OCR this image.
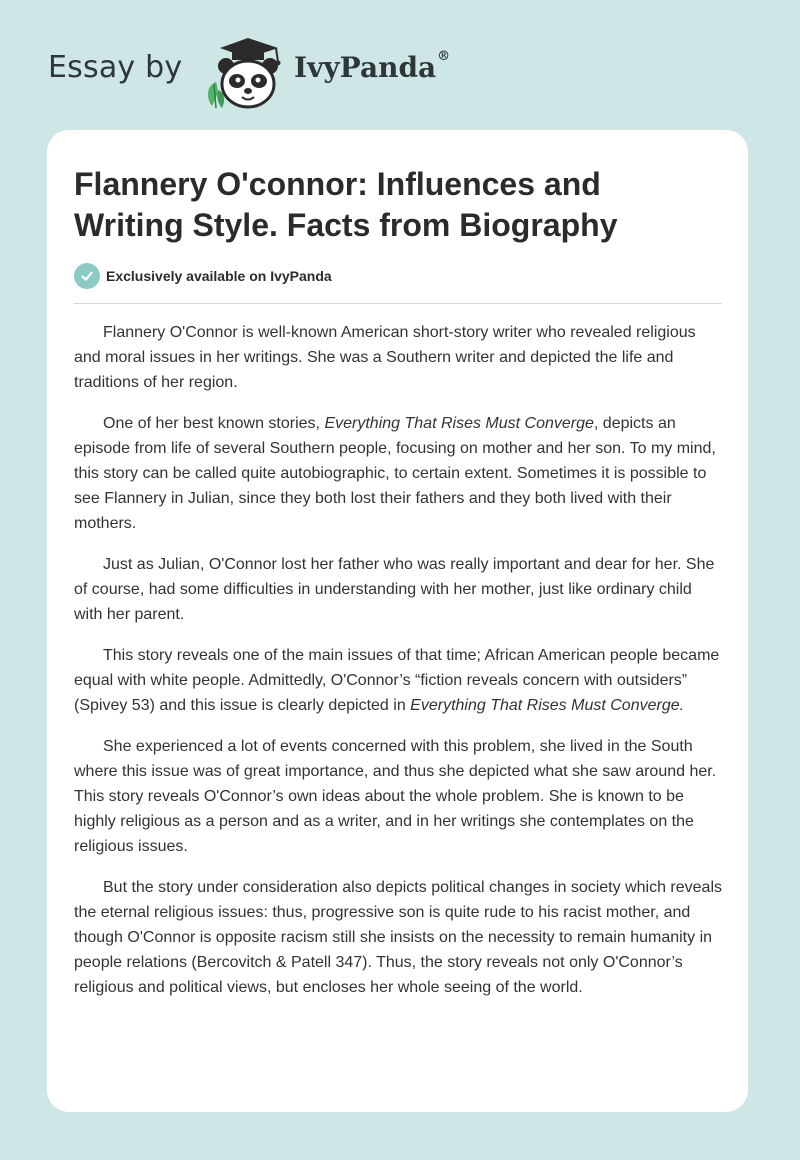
Essay by	IvyPanda®
Flannery O'connor: Influences and Writing Style. Facts from Biography
Exclusively available on IvyPanda

Flannery O'Connor is well-known American short-story writer who revealed religious and moral issues in her writings. She was a Southern writer and depicted the life and traditions of her region.

One of her best known stories, Everything That Rises Must Converge, depicts an episode from life of several Southern people, focusing on mother and her son. To my mind, this story can be called quite autobiographic, to certain extent. Sometimes it is possible to see Flannery in Julian, since they both lost their fathers and they both lived with their mothers.

Just as Julian, O'Connor lost her father who was really important and dear for her. She of course, had some difficulties in understanding with her mother, just like ordinary child with her parent.

This story reveals one of the main issues of that time; African American people became equal with white people. Admittedly, O'Connor’s “fiction reveals concern with outsiders” (Spivey 53) and this issue is clearly depicted in Everything That Rises Must Converge.

She experienced a lot of events concerned with this problem, she lived in the South where this issue was of great importance, and thus she depicted what she saw around her. This story reveals O'Connor’s own ideas about the whole problem. She is known to be highly religious as a person and as a writer, and in her writings she contemplates on the religious issues.

But the story under consideration also depicts political changes in society which reveals the eternal religious issues: thus, progressive son is quite rude to his racist mother, and though O'Connor is opposite racism still she insists on the necessity to remain humanity in people relations (Bercovitch & Patell 347). Thus, the story reveals not only O'Connor’s religious and political views, but encloses her whole seeing of the world.
